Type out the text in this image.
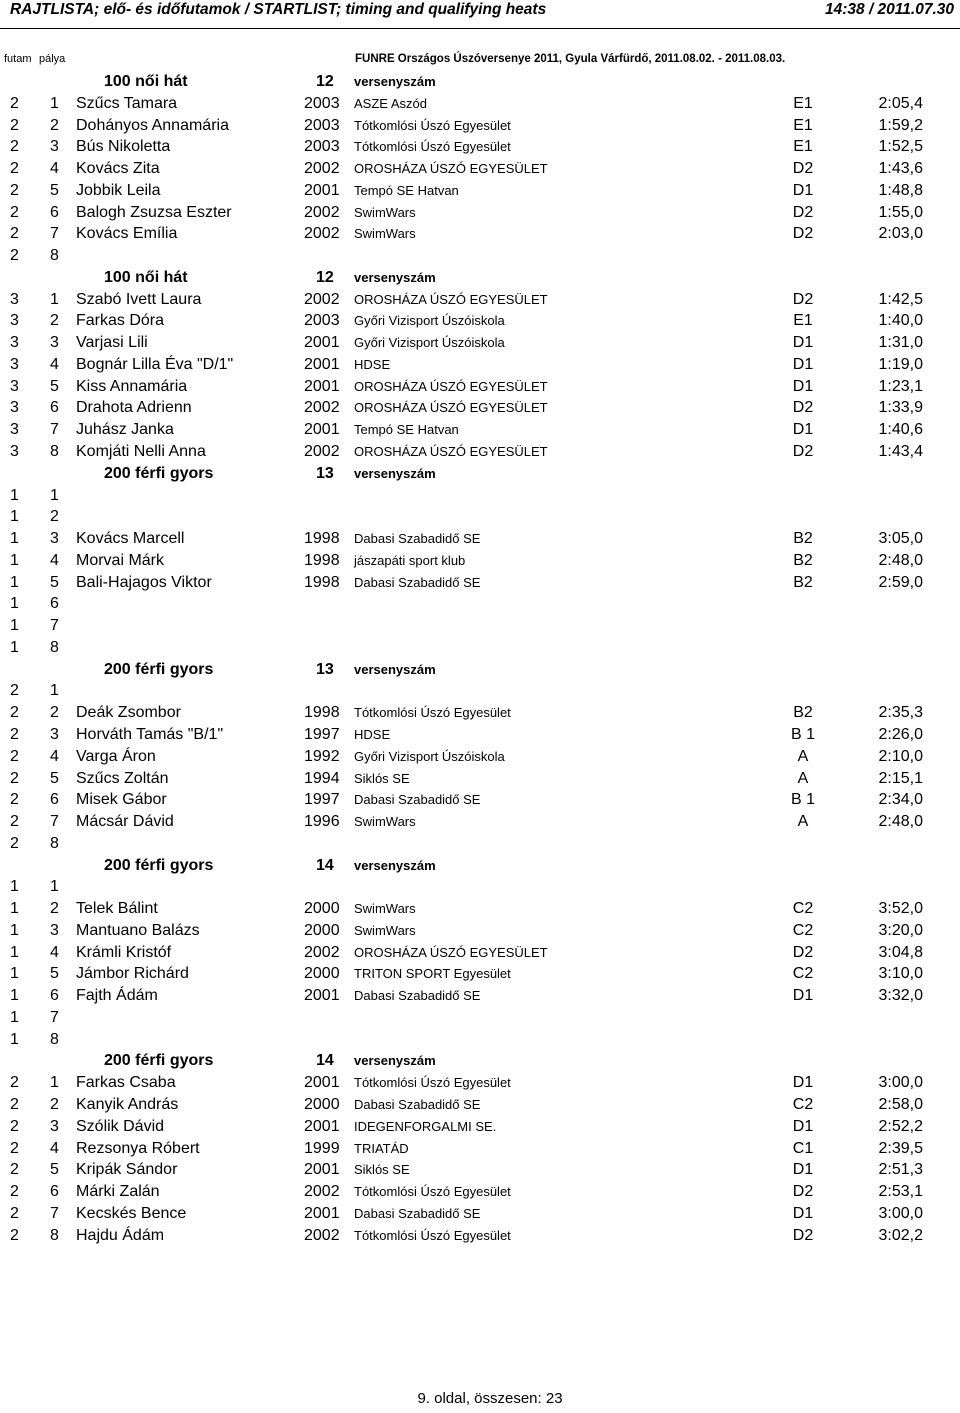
RAJTLISTA; elő- és időfutamok / STARTLIST; timing and qualifying heats	14:38 / 2011.07.30
futam pálya	FUNRE Országos Úszóversenye 2011, Gyula Várfürdő, 2011.08.02. - 2011.08.03.
100 női hát	12 versenyszám
2 1 Szűcs Tamara	2003 ASZE Aszód	E1	2:05,4
2 2 Dohányos Annamária	2003 Tótkomlósi Úszó Egyesület	E1	1:59,2
2 3 Bús Nikoletta	2003 Tótkomlósi Úszó Egyesület	E1	1:52,5
2 4 Kovács Zita	2002 OROSHÁZA ÚSZÓ EGYESÜLET	D2	1:43,6
2 5 Jobbik Leila	2001 Tempó SE Hatvan	D1	1:48,8
2 6 Balogh Zsuzsa Eszter	2002 SwimWars	D2	1:55,0
2 7 Kovács Emília	2002 SwimWars	D2	2:03,0
2 8
100 női hát	12 versenyszám
3 1 Szabó Ivett Laura	2002 OROSHÁZA ÚSZÓ EGYESÜLET	D2	1:42,5
3 2 Farkas Dóra	2003 Győri Vizisport Úszóiskola	E1	1:40,0
3 3 Varjasi Lili	2001 Győri Vizisport Úszóiskola	D1	1:31,0
3 4 Bognár Lilla Éva "D/1"	2001 HDSE	D1	1:19,0
3 5 Kiss Annamária	2001 OROSHÁZA ÚSZÓ EGYESÜLET	D1	1:23,1
3 6 Drahota Adrienn	2002 OROSHÁZA ÚSZÓ EGYESÜLET	D2	1:33,9
3 7 Juhász Janka	2001 Tempó SE Hatvan	D1	1:40,6
3 8 Komjáti Nelli Anna	2002 OROSHÁZA ÚSZÓ EGYESÜLET	D2	1:43,4
200 férfi gyors	13 versenyszám
1 1
1 2
1 3 Kovács Marcell	1998 Dabasi Szabadidő SE	B2	3:05,0
1 4 Morvai Márk	1998 jászapáti sport klub	B2	2:48,0
1 5 Bali-Hajagos Viktor	1998 Dabasi Szabadidő SE	B2	2:59,0
1 6
1 7
1 8
200 férfi gyors	13 versenyszám
2 1
2 2 Deák Zsombor	1998 Tótkomlósi Úszó Egyesület	B2	2:35,3
2 3 Horváth Tamás "B/1"	1997 HDSE	B 1	2:26,0
2 4 Varga Áron	1992 Győri Vizisport Úszóiskola	A	2:10,0
2 5 Szűcs Zoltán	1994 Siklós SE	A	2:15,1
2 6 Misek Gábor	1997 Dabasi Szabadidő SE	B 1	2:34,0
2 7 Mácsár Dávid	1996 SwimWars	A	2:48,0
2 8
200 férfi gyors	14 versenyszám
1 1
1 2 Telek Bálint	2000 SwimWars	C2	3:52,0
1 3 Mantuano Balázs	2000 SwimWars	C2	3:20,0
1 4 Krámli Kristóf	2002 OROSHÁZA ÚSZÓ EGYESÜLET	D2	3:04,8
1 5 Jámbor Richárd	2000 TRITON SPORT Egyesület	C2	3:10,0
1 6 Fajth Ádám	2001 Dabasi Szabadidő SE	D1	3:32,0
1 7
1 8
200 férfi gyors	14 versenyszám
2 1 Farkas Csaba	2001 Tótkomlósi Úszó Egyesület	D1	3:00,0
2 2 Kanyik András	2000 Dabasi Szabadidő SE	C2	2:58,0
2 3 Szólik Dávid	2001 IDEGENFORGALMI SE.	D1	2:52,2
2 4 Rezsonya Róbert	1999 TRIATÁD	C1	2:39,5
2 5 Kripák Sándor	2001 Siklós SE	D1	2:51,3
2 6 Márki Zalán	2002 Tótkomlósi Úszó Egyesület	D2	2:53,1
2 7 Kecskés Bence	2001 Dabasi Szabadidő SE	D1	3:00,0
2 8 Hajdu Ádám	2002 Tótkomlósi Úszó Egyesület	D2	3:02,2
9. oldal, összesen: 23
